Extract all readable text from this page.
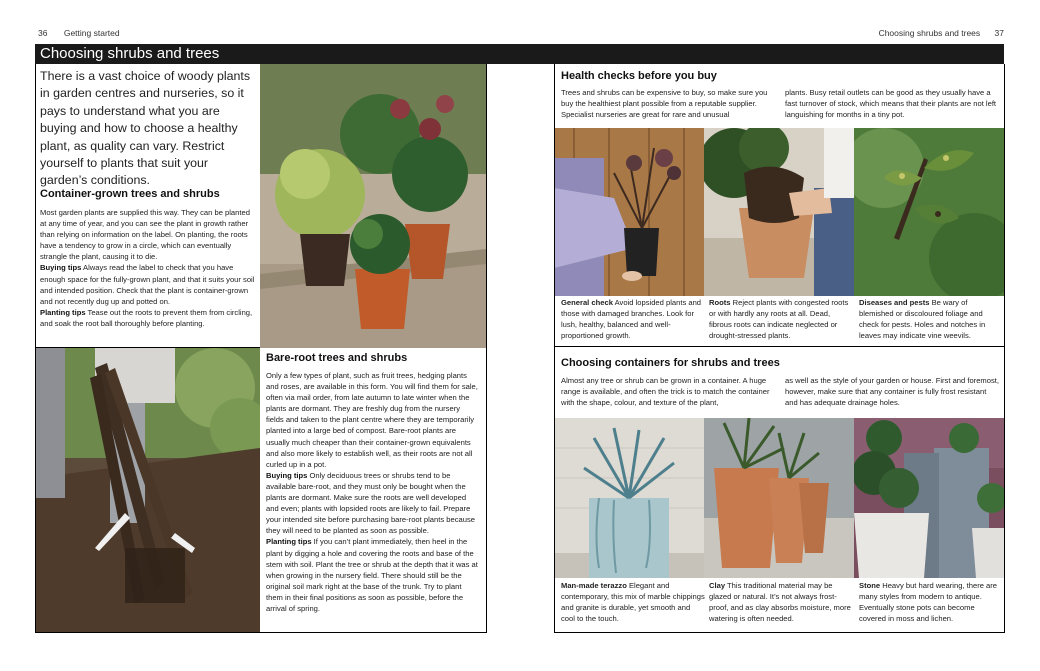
36 Getting started	Choosing shrubs and trees 37
Choosing shrubs and trees

There is a vast choice of woody plants in garden centres and nurseries, so it pays to understand what you are buying and how to choose a healthy plant, as quality can vary. Restrict yourself to plants that suit your garden’s conditions.

Container-grown trees and shrubs

Most garden plants are supplied this way. They can be planted at any time of year, and you can see the plant in growth rather than relying on information on the label. On planting, the roots have a tendency to grow in a circle, which can eventually strangle the plant, causing it to die.
Buying tips Always read the label to check that you have enough space for the fully-grown plant, and that it suits your soil and intended position. Check that the plant is container-grown and not recently dug up and potted on.
Planting tips Tease out the roots to prevent them from circling, and soak the root ball thoroughly before planting.

Bare-root trees and shrubs

Only a few types of plant, such as fruit trees, hedging plants and roses, are available in this form. You will find them for sale, often via mail order, from late autumn to late winter when the plants are dormant. They are freshly dug from the nursery fields and taken to the plant centre where they are temporarily planted into a large bed of compost. Bare-root plants are usually much cheaper than their container-grown equivalents and also more likely to establish well, as their roots are not all curled up in a pot.
Buying tips Only deciduous trees or shrubs tend to be available bare-root, and they must only be bought when the plants are dormant. Make sure the roots are well developed and even; plants with lopsided roots are likely to fail. Prepare your intended site before purchasing bare-root plants because they will need to be planted as soon as possible.
Planting tips If you can’t plant immediately, then heel in the plant by digging a hole and covering the roots and base of the stem with soil. Plant the tree or shrub at the depth that it was at when growing in the nursery field. There should still be the original soil mark right at the base of the trunk. Try to plant them in their final positions as soon as possible, before the arrival of spring.

Health checks before you buy

Trees and shrubs can be expensive to buy, so make sure you buy the healthiest plant possible from a reputable supplier. Specialist nurseries are great for rare and unusual

plants. Busy retail outlets can be good as they usually have a fast turnover of stock, which means that their plants are not left languishing for months in a tiny pot.

General check Avoid lopsided plants and those with damaged branches. Look for lush, healthy, balanced and well-proportioned growth.

Roots Reject plants with congested roots or with hardly any roots at all. Dead, fibrous roots can indicate neglected or drought-stressed plants.

Diseases and pests Be wary of blemished or discoloured foliage and check for pests. Holes and notches in leaves may indicate vine weevils.

Choosing containers for shrubs and trees

Almost any tree or shrub can be grown in a container. A huge range is available, and often the trick is to match the container with the shape, colour, and texture of the plant,

as well as the style of your garden or house. First and foremost, however, make sure that any container is fully frost resistant and has adequate drainage holes.

Man-made terazzo Elegant and contemporary, this mix of marble chippings and granite is durable, yet smooth and cool to the touch.

Clay This traditional material may be glazed or natural. It’s not always frost-proof, and as clay absorbs moisture, more watering is often needed.

Stone Heavy but hard wearing, there are many styles from modern to antique. Eventually stone pots can become covered in moss and lichen.
